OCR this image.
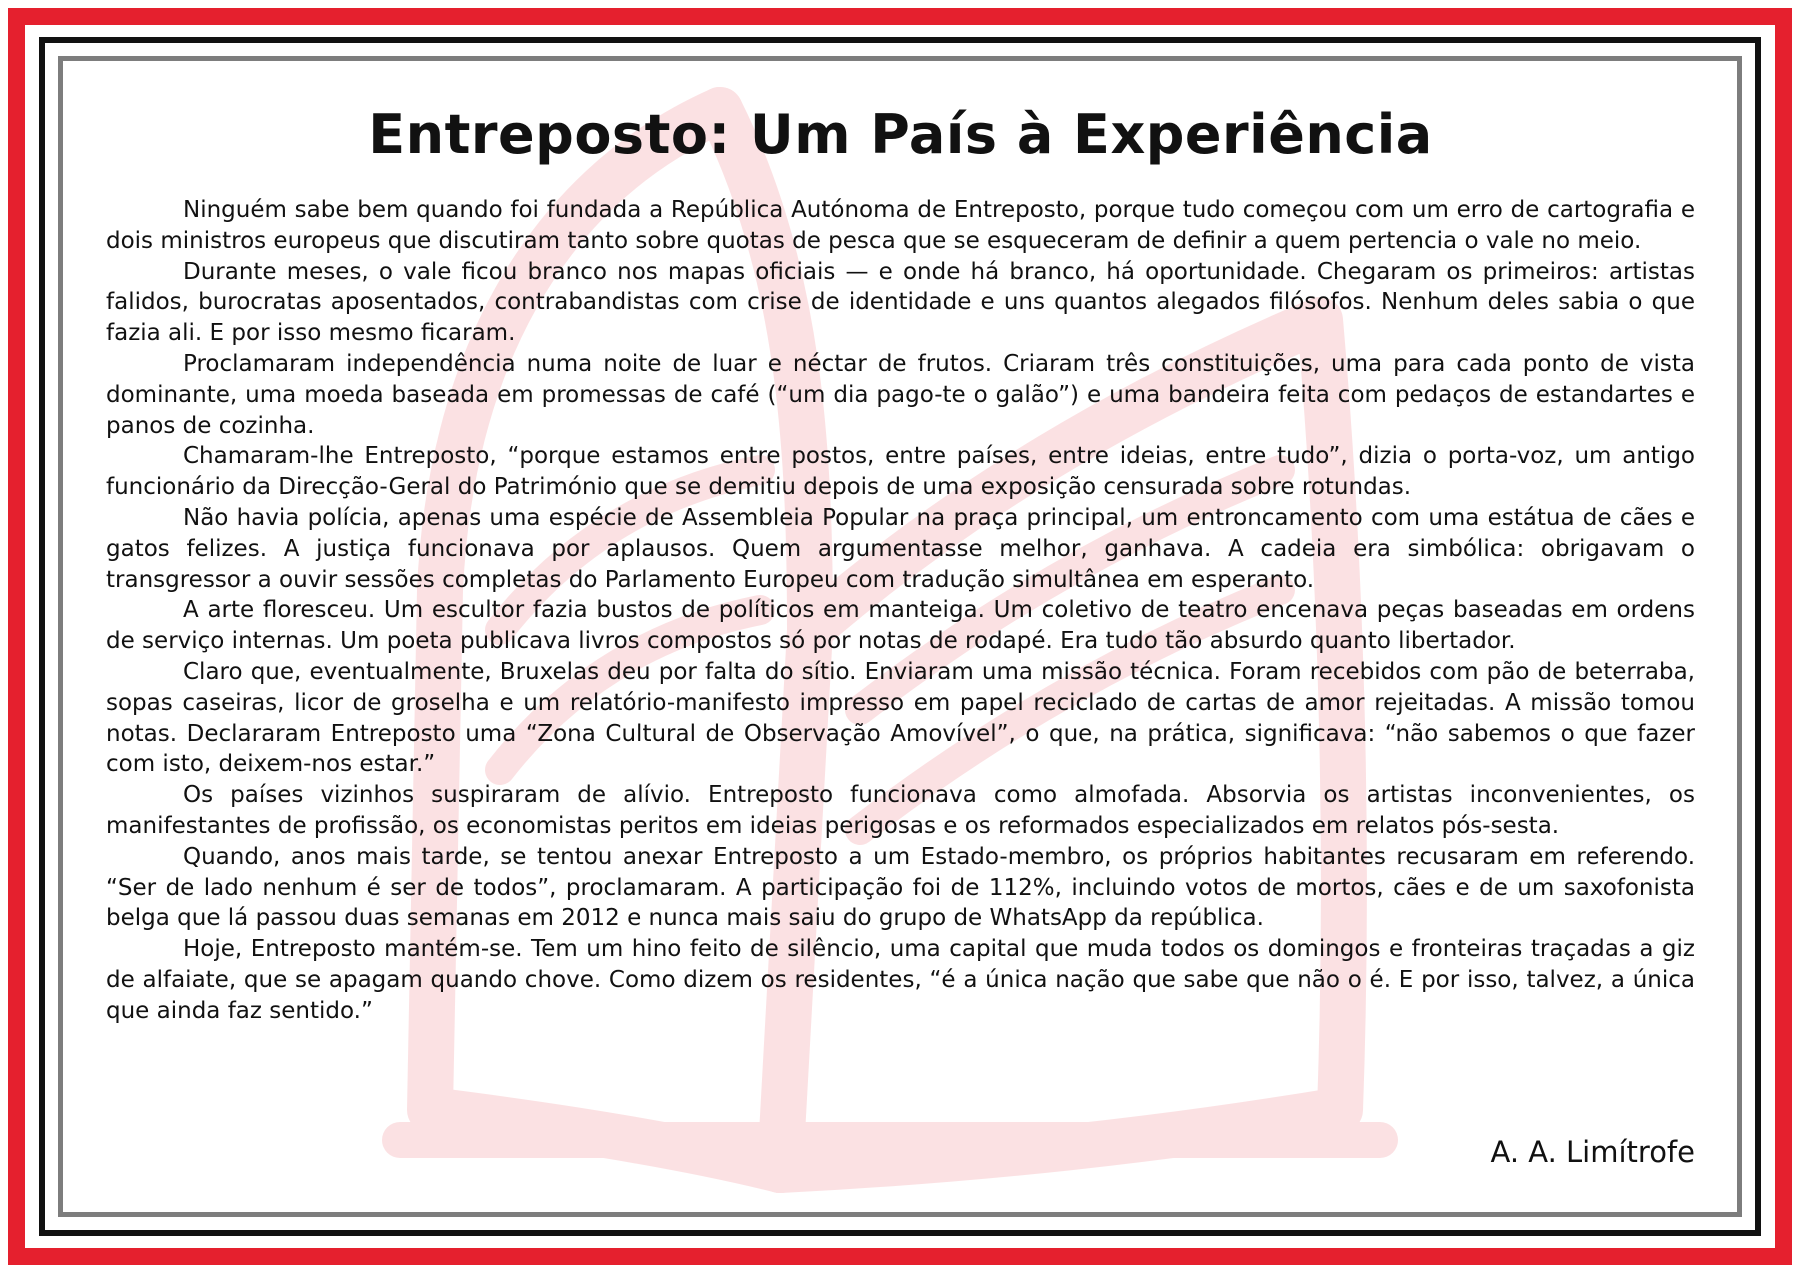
Entreposto: Um País à Experiência

Ninguém sabe bem quando foi fundada a República Autónoma de Entreposto, porque tudo começou com um erro de cartografia e dois ministros europeus que discutiram tanto sobre quotas de pesca que se esqueceram de definir a quem pertencia o vale no meio.

Durante meses, o vale ficou branco nos mapas oficiais — e onde há branco, há oportunidade. Chegaram os primeiros: artistas falidos, burocratas aposentados, contrabandistas com crise de identidade e uns quantos alegados filósofos. Nenhum deles sabia o que fazia ali. E por isso mesmo ficaram.

Proclamaram independência numa noite de luar e néctar de frutos. Criaram três constituições, uma para cada ponto de vista dominante, uma moeda baseada em promessas de café (“um dia pago-te o galão”) e uma bandeira feita com pedaços de estandartes e panos de cozinha.

Chamaram-lhe Entreposto, “porque estamos entre postos, entre países, entre ideias, entre tudo”, dizia o porta-voz, um antigo funcionário da Direcção-Geral do Património que se demitiu depois de uma exposição censurada sobre rotundas.

Não havia polícia, apenas uma espécie de Assembleia Popular na praça principal, um entroncamento com uma estátua de cães e gatos felizes. A justiça funcionava por aplausos. Quem argumentasse melhor, ganhava. A cadeia era simbólica: obrigavam o transgressor a ouvir sessões completas do Parlamento Europeu com tradução simultânea em esperanto.

A arte floresceu. Um escultor fazia bustos de políticos em manteiga. Um coletivo de teatro encenava peças baseadas em ordens de serviço internas. Um poeta publicava livros compostos só por notas de rodapé. Era tudo tão absurdo quanto libertador.

Claro que, eventualmente, Bruxelas deu por falta do sítio. Enviaram uma missão técnica. Foram recebidos com pão de beterraba, sopas caseiras, licor de groselha e um relatório-manifesto impresso em papel reciclado de cartas de amor rejeitadas. A missão tomou notas. Declararam Entreposto uma “Zona Cultural de Observação Amovível”, o que, na prática, significava: “não sabemos o que fazer com isto, deixem-nos estar.”

Os países vizinhos suspiraram de alívio. Entreposto funcionava como almofada. Absorvia os artistas inconvenientes, os manifestantes de profissão, os economistas peritos em ideias perigosas e os reformados especializados em relatos pós-sesta.

Quando, anos mais tarde, se tentou anexar Entreposto a um Estado-membro, os próprios habitantes recusaram em referendo. “Ser de lado nenhum é ser de todos”, proclamaram. A participação foi de 112%, incluindo votos de mortos, cães e de um saxofonista belga que lá passou duas semanas em 2012 e nunca mais saiu do grupo de WhatsApp da república.

Hoje, Entreposto mantém-se. Tem um hino feito de silêncio, uma capital que muda todos os domingos e fronteiras traçadas a giz de alfaiate, que se apagam quando chove. Como dizem os residentes, “é a única nação que sabe que não o é. E por isso, talvez, a única que ainda faz sentido.”

A. A. Limítrofe
